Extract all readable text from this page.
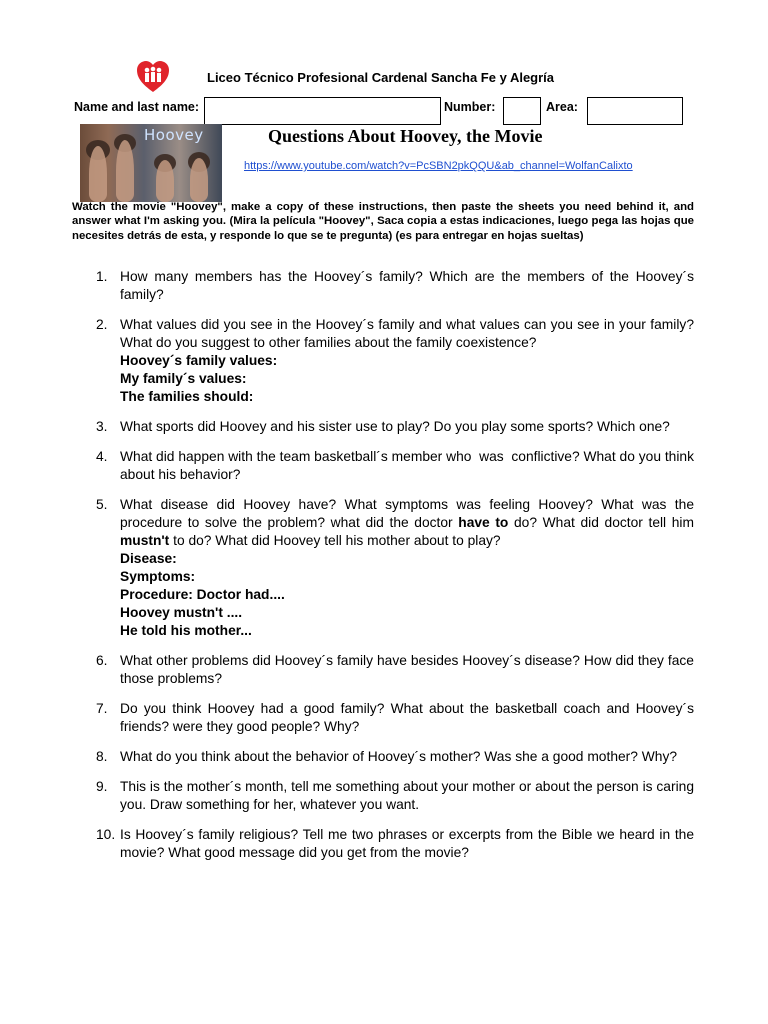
Liceo Técnico Profesional Cardenal Sancha Fe y Alegría
Name and last name:	Number:	Area:
Hoovey	Questions About Hoovey, the Movie
https://www.youtube.com/watch?v=PcSBN2pkQQU&ab_channel=WolfanCalixto
Watch the movie "Hoovey", make a copy of these instructions, then paste the sheets you need behind it, and answer what I'm asking you. (Mira la película "Hoovey", Saca copia a estas indicaciones, luego pega las hojas que necesites detrás de esta, y responde lo que se te pregunta) (es para entregar en hojas sueltas)
1. How many members has the Hoovey´s family? Which are the members of the Hoovey´s family?
2. What values did you see in the Hoovey´s family and what values can you see in your family? What do you suggest to other families about the family coexistence?
Hoovey´s family values:
My family´s values:
The families should:
3. What sports did Hoovey and his sister use to play? Do you play some sports? Which one?
4. What did happen with the team basketball´s member who  was  conflictive? What do you think about his behavior?
5. What disease did Hoovey have? What symptoms was feeling Hoovey? What was the procedure to solve the problem? what did the doctor have to do? What did doctor tell him mustn't to do? What did Hoovey tell his mother about to play?
Disease:
Symptoms:
Procedure: Doctor had....
Hoovey mustn't ....
He told his mother...
6. What other problems did Hoovey´s family have besides Hoovey´s disease? How did they face those problems?
7. Do you think Hoovey had a good family? What about the basketball coach and Hoovey´s friends? were they good people? Why?
8. What do you think about the behavior of Hoovey´s mother? Was she a good mother? Why?
9. This is the mother´s month, tell me something about your mother or about the person is caring you. Draw something for her, whatever you want.
10. Is Hoovey´s family religious? Tell me two phrases or excerpts from the Bible we heard in the movie? What good message did you get from the movie?
